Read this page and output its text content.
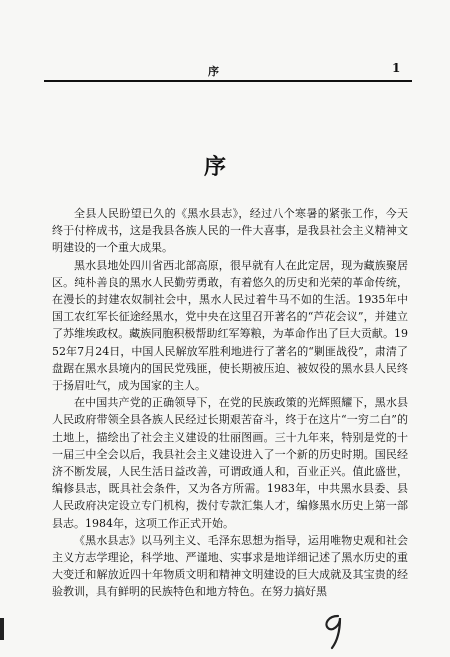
序	1
序

全县人民盼望已久的《黑水县志》，经过八个寒暑的紧张工作，今天终于付梓成书，这是我县各族人民的一件大喜事，是我县社会主义精神文明建设的一个重大成果。

黑水县地处四川省西北部高原，很早就有人在此定居，现为藏族聚居区。纯朴善良的黑水人民勤劳勇敢，有着悠久的历史和光荣的革命传统，在漫长的封建农奴制社会中，黑水人民过着牛马不如的生活。1935年中国工农红军长征途经黑水，党中央在这里召开著名的“芦花会议”，并建立了苏维埃政权。藏族同胞积极帮助红军筹粮，为革命作出了巨大贡献。1952年7月24日，中国人民解放军胜利地进行了著名的“剿匪战役”，肃清了盘踞在黑水县境内的国民党残匪，使长期被压迫、被奴役的黑水县人民终于扬眉吐气，成为国家的主人。

在中国共产党的正确领导下，在党的民族政策的光辉照耀下，黑水县人民政府带领全县各族人民经过长期艰苦奋斗，终于在这片“一穷二白”的土地上，描绘出了社会主义建设的壮丽图画。三十九年来，特别是党的十一届三中全会以后，我县社会主义建设进入了一个新的历史时期。国民经济不断发展，人民生活日益改善，可谓政通人和，百业正兴。值此盛世，编修县志，既具社会条件，又为各方所需。1983年，中共黑水县委、县人民政府决定设立专门机构，拨付专款汇集人才，编修黑水历史上第一部县志。1984年，这项工作正式开始。

《黑水县志》以马列主义、毛泽东思想为指导，运用唯物史观和社会主义方志学理论，科学地、严谨地、实事求是地详细记述了黑水历史的重大变迁和解放近四十年物质文明和精神文明建设的巨大成就及其宝贵的经验教训，具有鲜明的民族特色和地方特色。在努力搞好黑
